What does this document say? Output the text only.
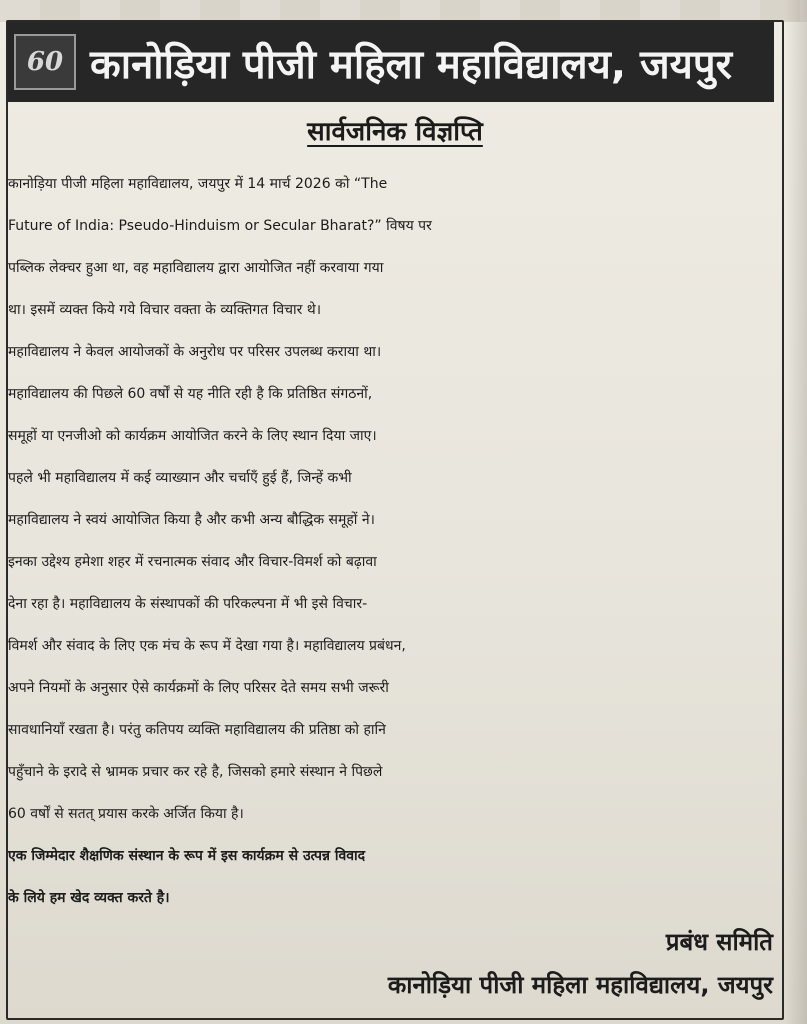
60 कानोड़िया पीजी महिला महाविद्यालय, जयपुर
सार्वजनिक विज्ञप्ति
कानोड़िया पीजी महिला महाविद्यालय, जयपुर में 14 मार्च 2026 को “The
Future of India: Pseudo-Hinduism or Secular Bharat?” विषय पर
पब्लिक लेक्चर हुआ था, वह महाविद्यालय द्वारा आयोजित नहीं करवाया गया
था। इसमें व्यक्त किये गये विचार वक्ता के व्यक्तिगत विचार थे।
महाविद्यालय ने केवल आयोजकों के अनुरोध पर परिसर उपलब्ध कराया था।
महाविद्यालय की पिछले 60 वर्षों से यह नीति रही है कि प्रतिष्ठित संगठनों,
समूहों या एनजीओ को कार्यक्रम आयोजित करने के लिए स्थान दिया जाए।
पहले भी महाविद्यालय में कई व्याख्यान और चर्चाएँ हुई हैं, जिन्हें कभी
महाविद्यालय ने स्वयं आयोजित किया है और कभी अन्य बौद्धिक समूहों ने।
इनका उद्देश्य हमेशा शहर में रचनात्मक संवाद और विचार-विमर्श को बढ़ावा
देना रहा है। महाविद्यालय के संस्थापकों की परिकल्पना में भी इसे विचार-
विमर्श और संवाद के लिए एक मंच के रूप में देखा गया है। महाविद्यालय प्रबंधन,
अपने नियमों के अनुसार ऐसे कार्यक्रमों के लिए परिसर देते समय सभी जरूरी
सावधानियाँ रखता है। परंतु कतिपय व्यक्ति महाविद्यालय की प्रतिष्ठा को हानि
पहुँचाने के इरादे से भ्रामक प्रचार कर रहे है, जिसको हमारे संस्थान ने पिछले
60 वर्षों से सतत् प्रयास करके अर्जित किया है।
एक जिम्मेदार शैक्षणिक संस्थान के रूप में इस कार्यक्रम से उत्पन्न विवाद
के लिये हम खेद व्यक्त करते है।
प्रबंध समिति
कानोड़िया पीजी महिला महाविद्यालय, जयपुर
